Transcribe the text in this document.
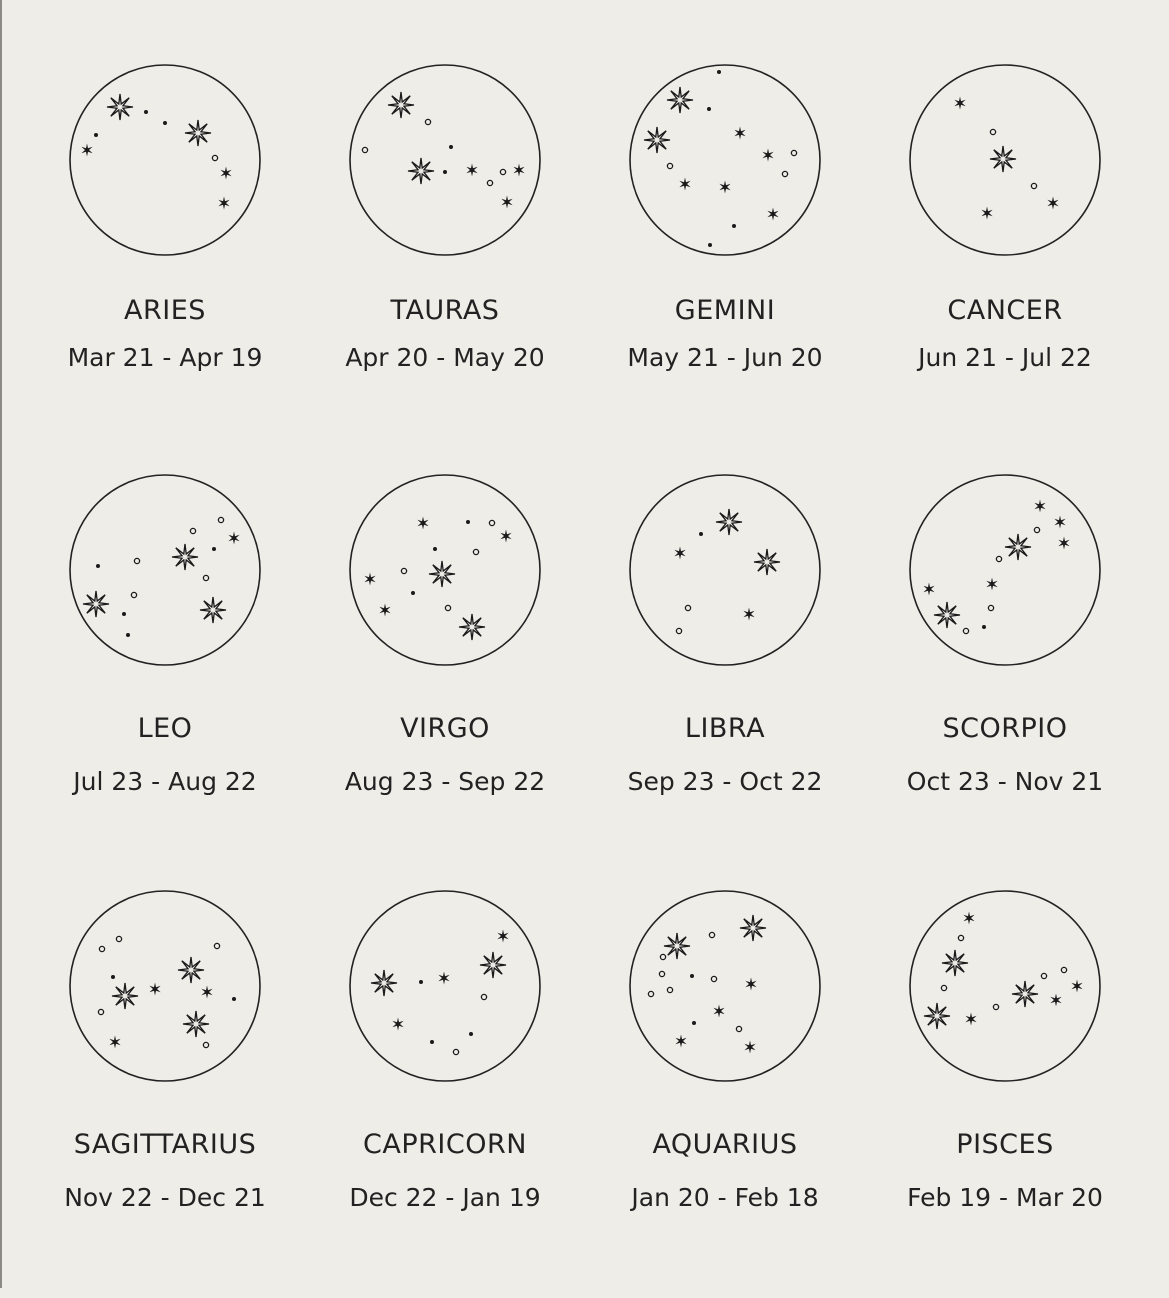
ARIES
Mar 21 - Apr 19
TAURAS
Apr 20 - May 20
GEMINI
May 21 - Jun 20
CANCER
Jun 21 - Jul 22
LEO
Jul 23 - Aug 22
VIRGO
Aug 23 - Sep 22
LIBRA
Sep 23 - Oct 22
SCORPIO
Oct 23 - Nov 21
SAGITTARIUS
Nov 22 - Dec 21
CAPRICORN
Dec 22 - Jan 19
AQUARIUS
Jan 20 - Feb 18
PISCES
Feb 19 - Mar 20
